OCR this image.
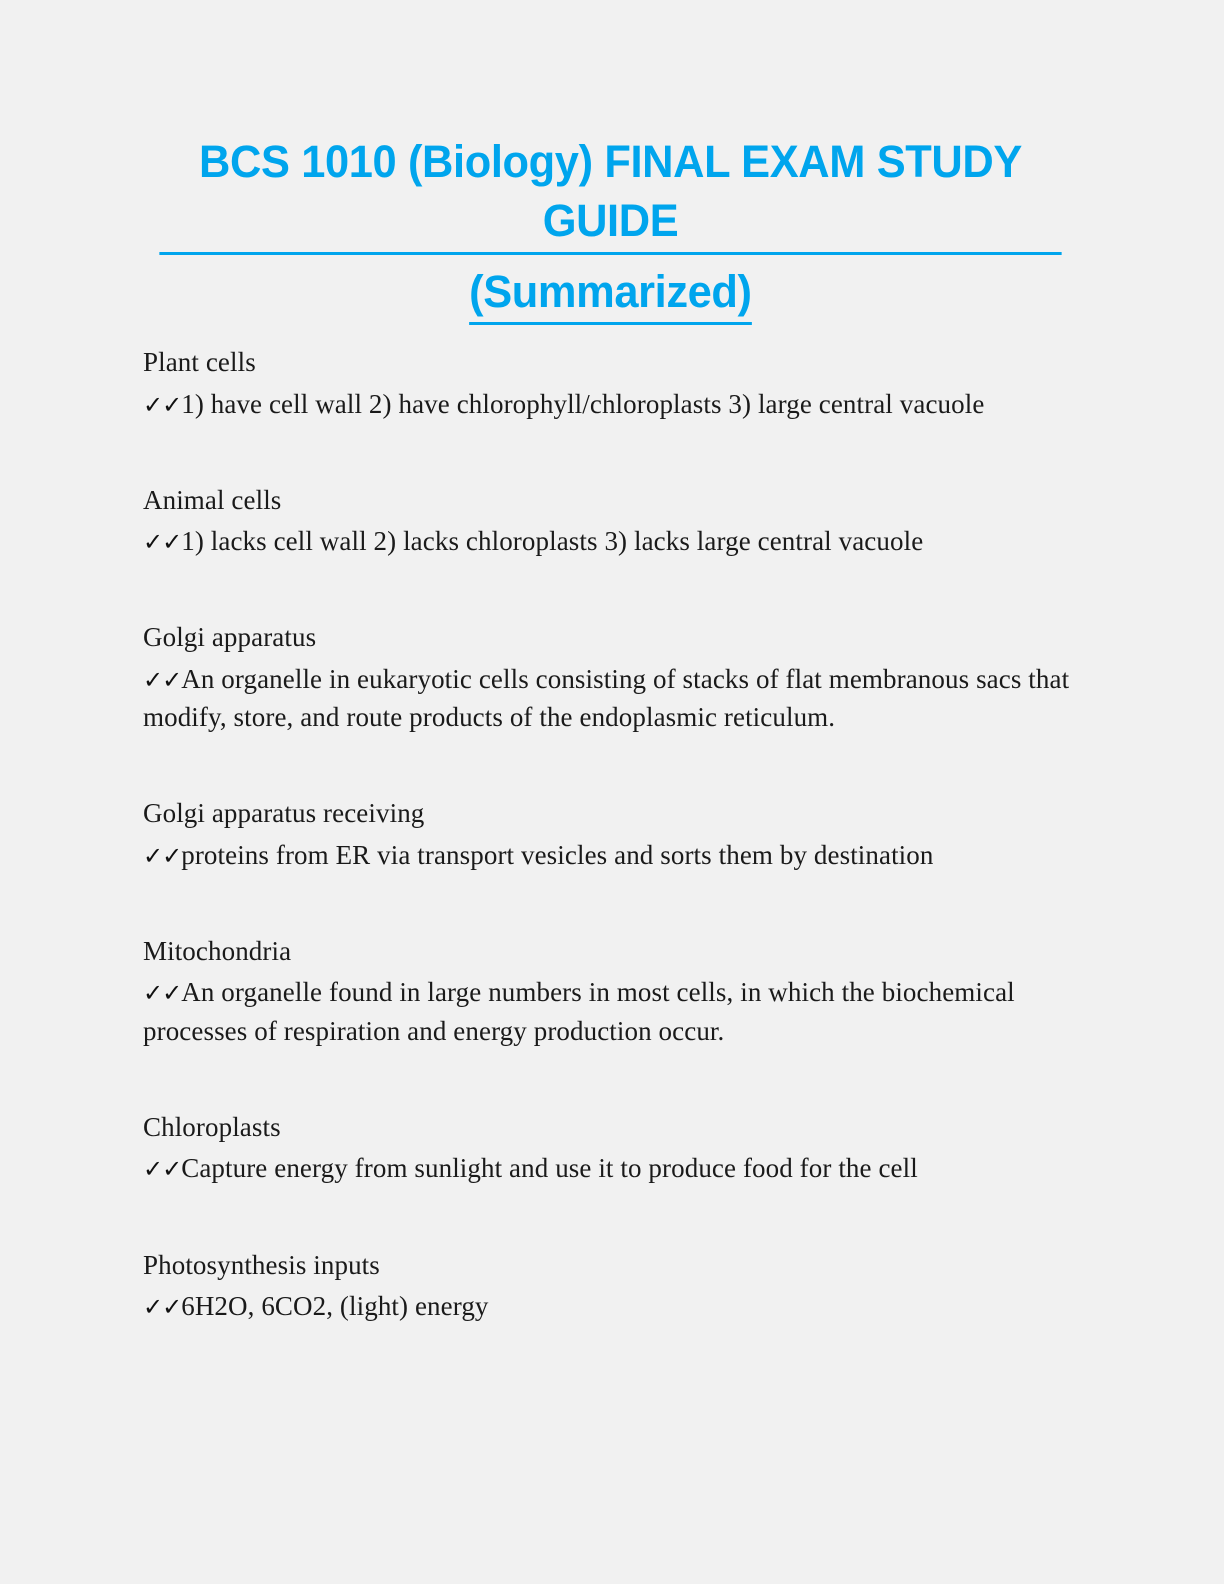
BCS 1010 (Biology) FINAL EXAM STUDY GUIDE
(Summarized)
Plant cells
✓✓1) have cell wall 2) have chlorophyll/chloroplasts 3) large central vacuole
Animal cells
✓✓1) lacks cell wall 2) lacks chloroplasts 3) lacks large central vacuole
Golgi apparatus
✓✓An organelle in eukaryotic cells consisting of stacks of flat membranous sacs that modify, store, and route products of the endoplasmic reticulum.
Golgi apparatus receiving
✓✓proteins from ER via transport vesicles and sorts them by destination
Mitochondria
✓✓An organelle found in large numbers in most cells, in which the biochemical processes of respiration and energy production occur.
Chloroplasts
✓✓Capture energy from sunlight and use it to produce food for the cell
Photosynthesis inputs
✓✓6H2O, 6CO2, (light) energy
